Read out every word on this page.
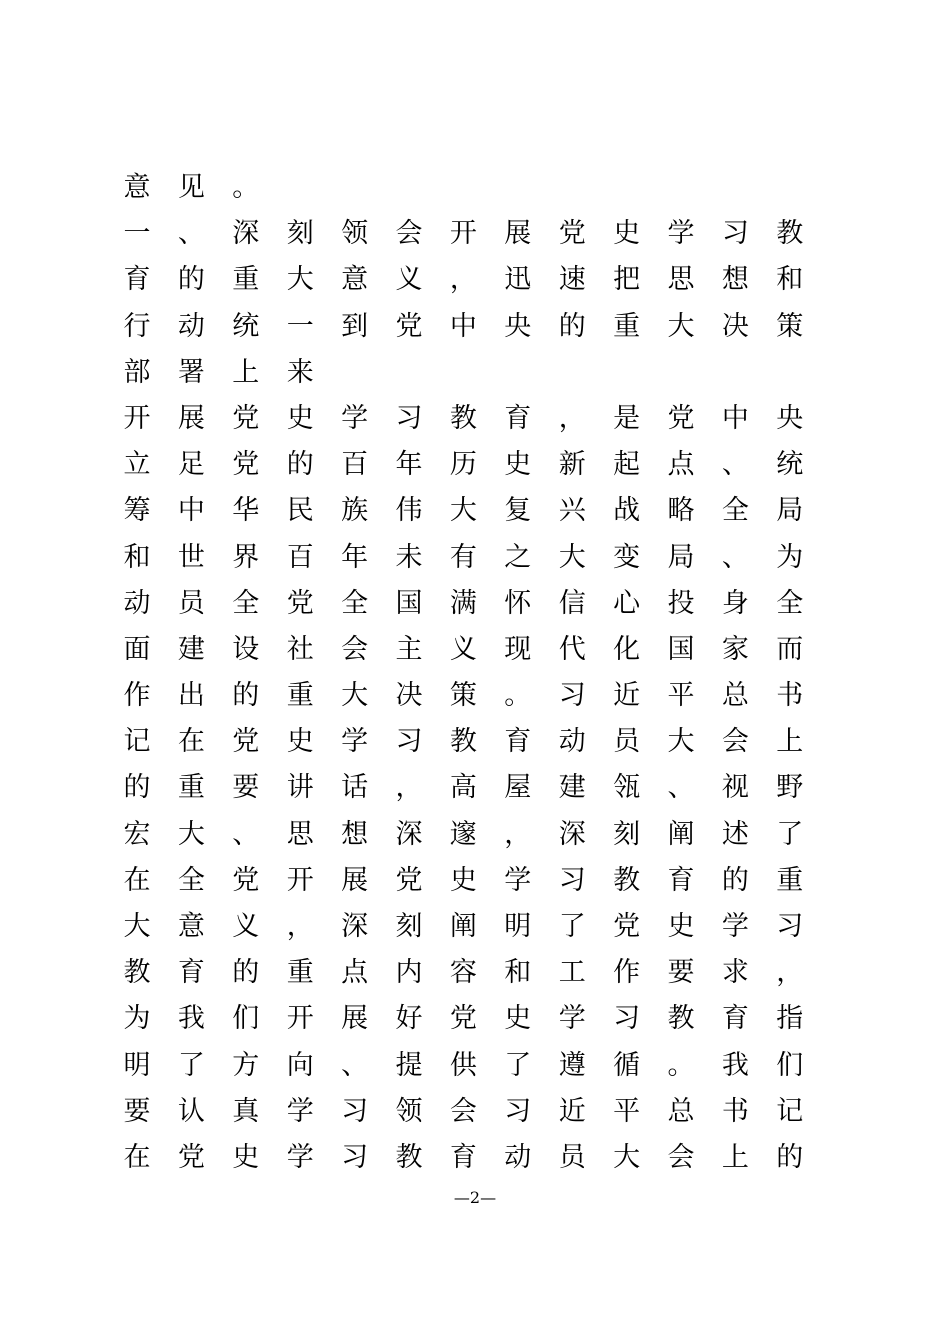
意 见 。
一 、 深 刻 领 会 开 展 党 史 学 习 教
育 的 重 大 意 义 ， 迅 速 把 思 想 和
行 动 统 一 到 党 中 央 的 重 大 决 策
部 署 上 来
开 展 党 史 学 习 教 育 ， 是 党 中 央
立 足 党 的 百 年 历 史 新 起 点 、 统
筹 中 华 民 族 伟 大 复 兴 战 略 全 局
和 世 界 百 年 未 有 之 大 变 局 、 为
动 员 全 党 全 国 满 怀 信 心 投 身 全
面 建 设 社 会 主 义 现 代 化 国 家 而
作 出 的 重 大 决 策 。 习 近 平 总 书
记 在 党 史 学 习 教 育 动 员 大 会 上
的 重 要 讲 话 ， 高 屋 建 瓴 、 视 野
宏 大 、 思 想 深 邃 ， 深 刻 阐 述 了
在 全 党 开 展 党 史 学 习 教 育 的 重
大 意 义 ， 深 刻 阐 明 了 党 史 学 习
教 育 的 重 点 内 容 和 工 作 要 求 ，
为 我 们 开 展 好 党 史 学 习 教 育 指
明 了 方 向 、 提 供 了 遵 循 。 我 们
要 认 真 学 习 领 会 习 近 平 总 书 记
在 党 史 学 习 教 育 动 员 大 会 上 的
—2—
